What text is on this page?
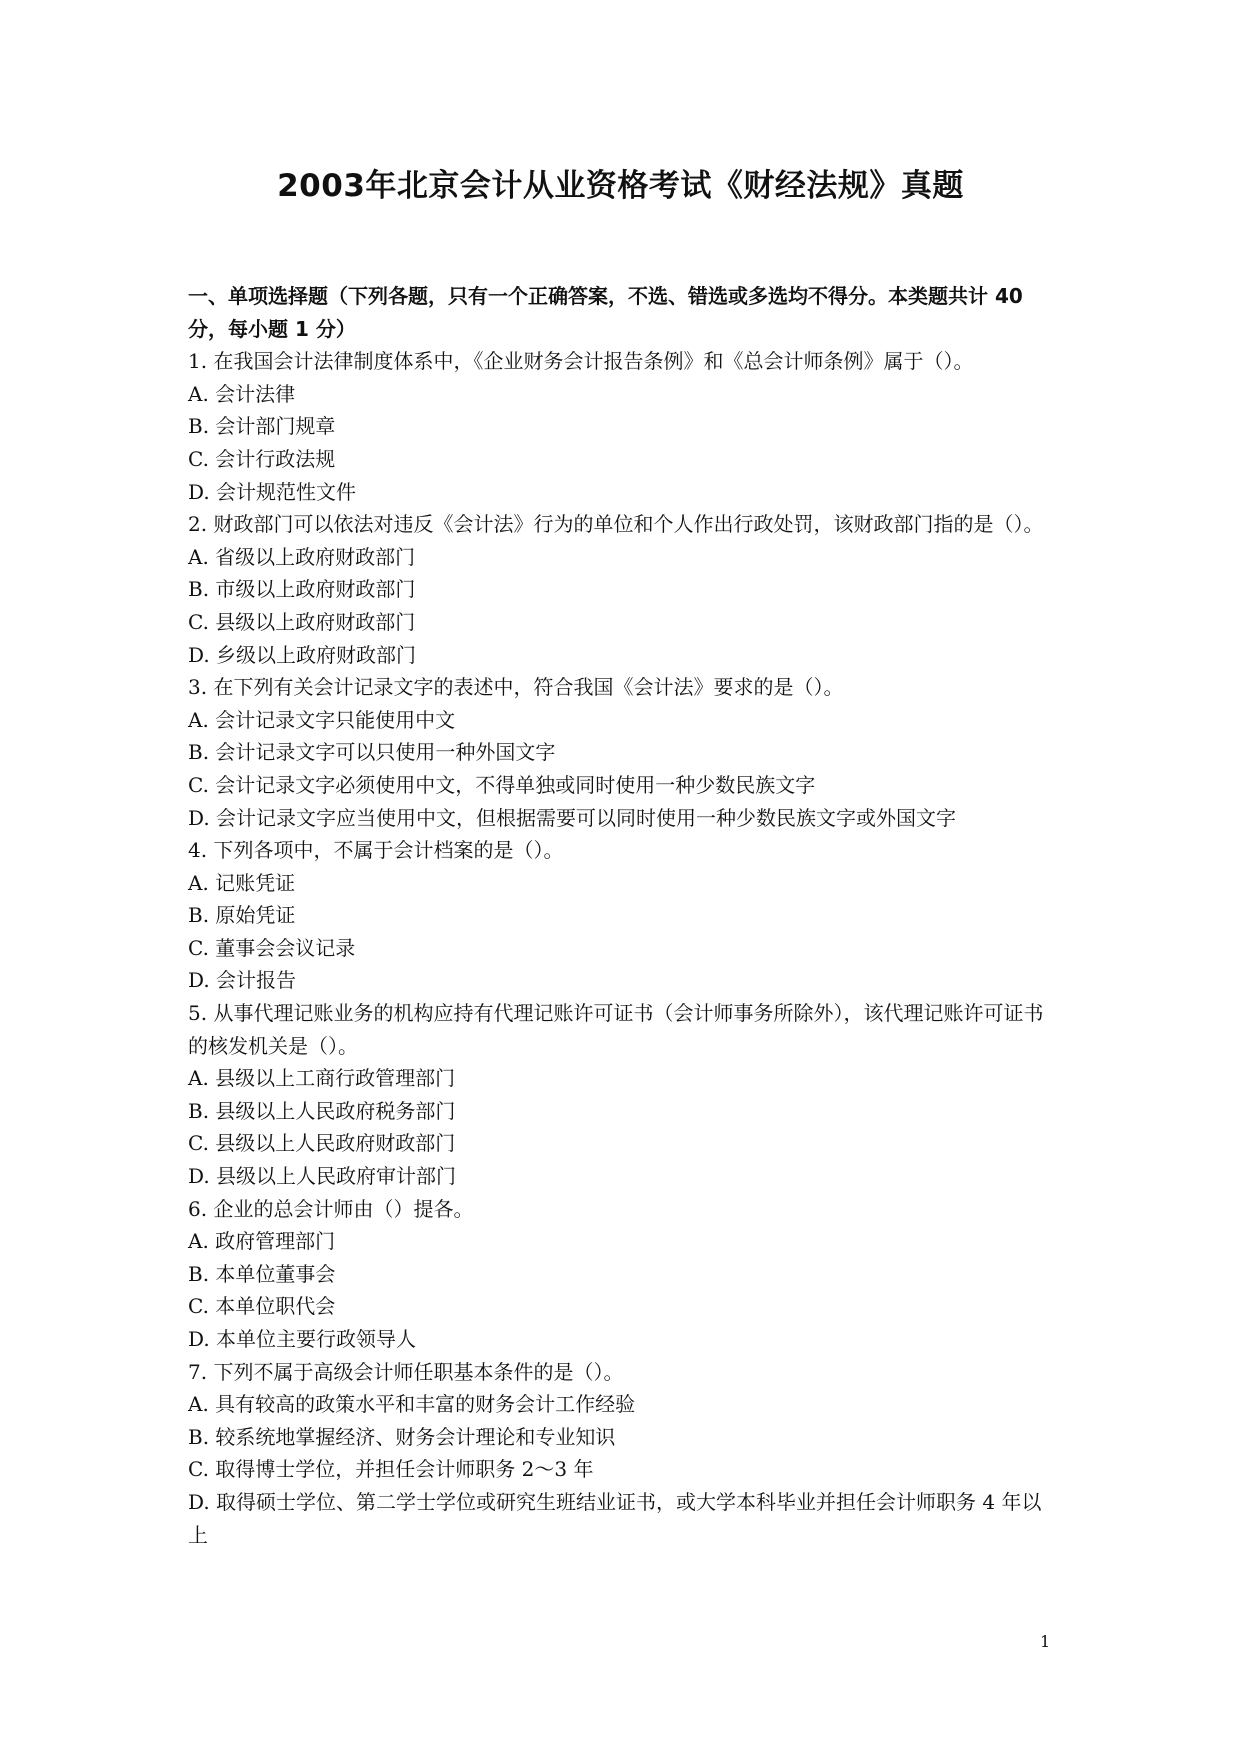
2003年北京会计从业资格考试《财经法规》真题

一、单项选择题（下列各题，只有一个正确答案，不选、错选或多选均不得分。本类题共计 40 分，每小题 1 分）

1. 在我国会计法律制度体系中，《企业财务会计报告条例》和《总会计师条例》属于（）。

A. 会计法律

B. 会计部门规章

C. 会计行政法规

D. 会计规范性文件

2. 财政部门可以依法对违反《会计法》行为的单位和个人作出行政处罚，该财政部门指的是（）。

A. 省级以上政府财政部门

B. 市级以上政府财政部门

C. 县级以上政府财政部门

D. 乡级以上政府财政部门

3. 在下列有关会计记录文字的表述中，符合我国《会计法》要求的是（）。

A. 会计记录文字只能使用中文

B. 会计记录文字可以只使用一种外国文字

C. 会计记录文字必须使用中文，不得单独或同时使用一种少数民族文字

D. 会计记录文字应当使用中文，但根据需要可以同时使用一种少数民族文字或外国文字

4. 下列各项中，不属于会计档案的是（）。

A. 记账凭证

B. 原始凭证

C. 董事会会议记录

D. 会计报告

5. 从事代理记账业务的机构应持有代理记账许可证书（会计师事务所除外），该代理记账许可证书的核发机关是（）。

A. 县级以上工商行政管理部门

B. 县级以上人民政府税务部门

C. 县级以上人民政府财政部门

D. 县级以上人民政府审计部门

6. 企业的总会计师由（）提各。

A. 政府管理部门

B. 本单位董事会

C. 本单位职代会

D. 本单位主要行政领导人

7. 下列不属于高级会计师任职基本条件的是（）。

A. 具有较高的政策水平和丰富的财务会计工作经验

B. 较系统地掌握经济、财务会计理论和专业知识

C. 取得博士学位，并担任会计师职务 2～3 年

D. 取得硕士学位、第二学士学位或研究生班结业证书，或大学本科毕业并担任会计师职务 4 年以上

1
